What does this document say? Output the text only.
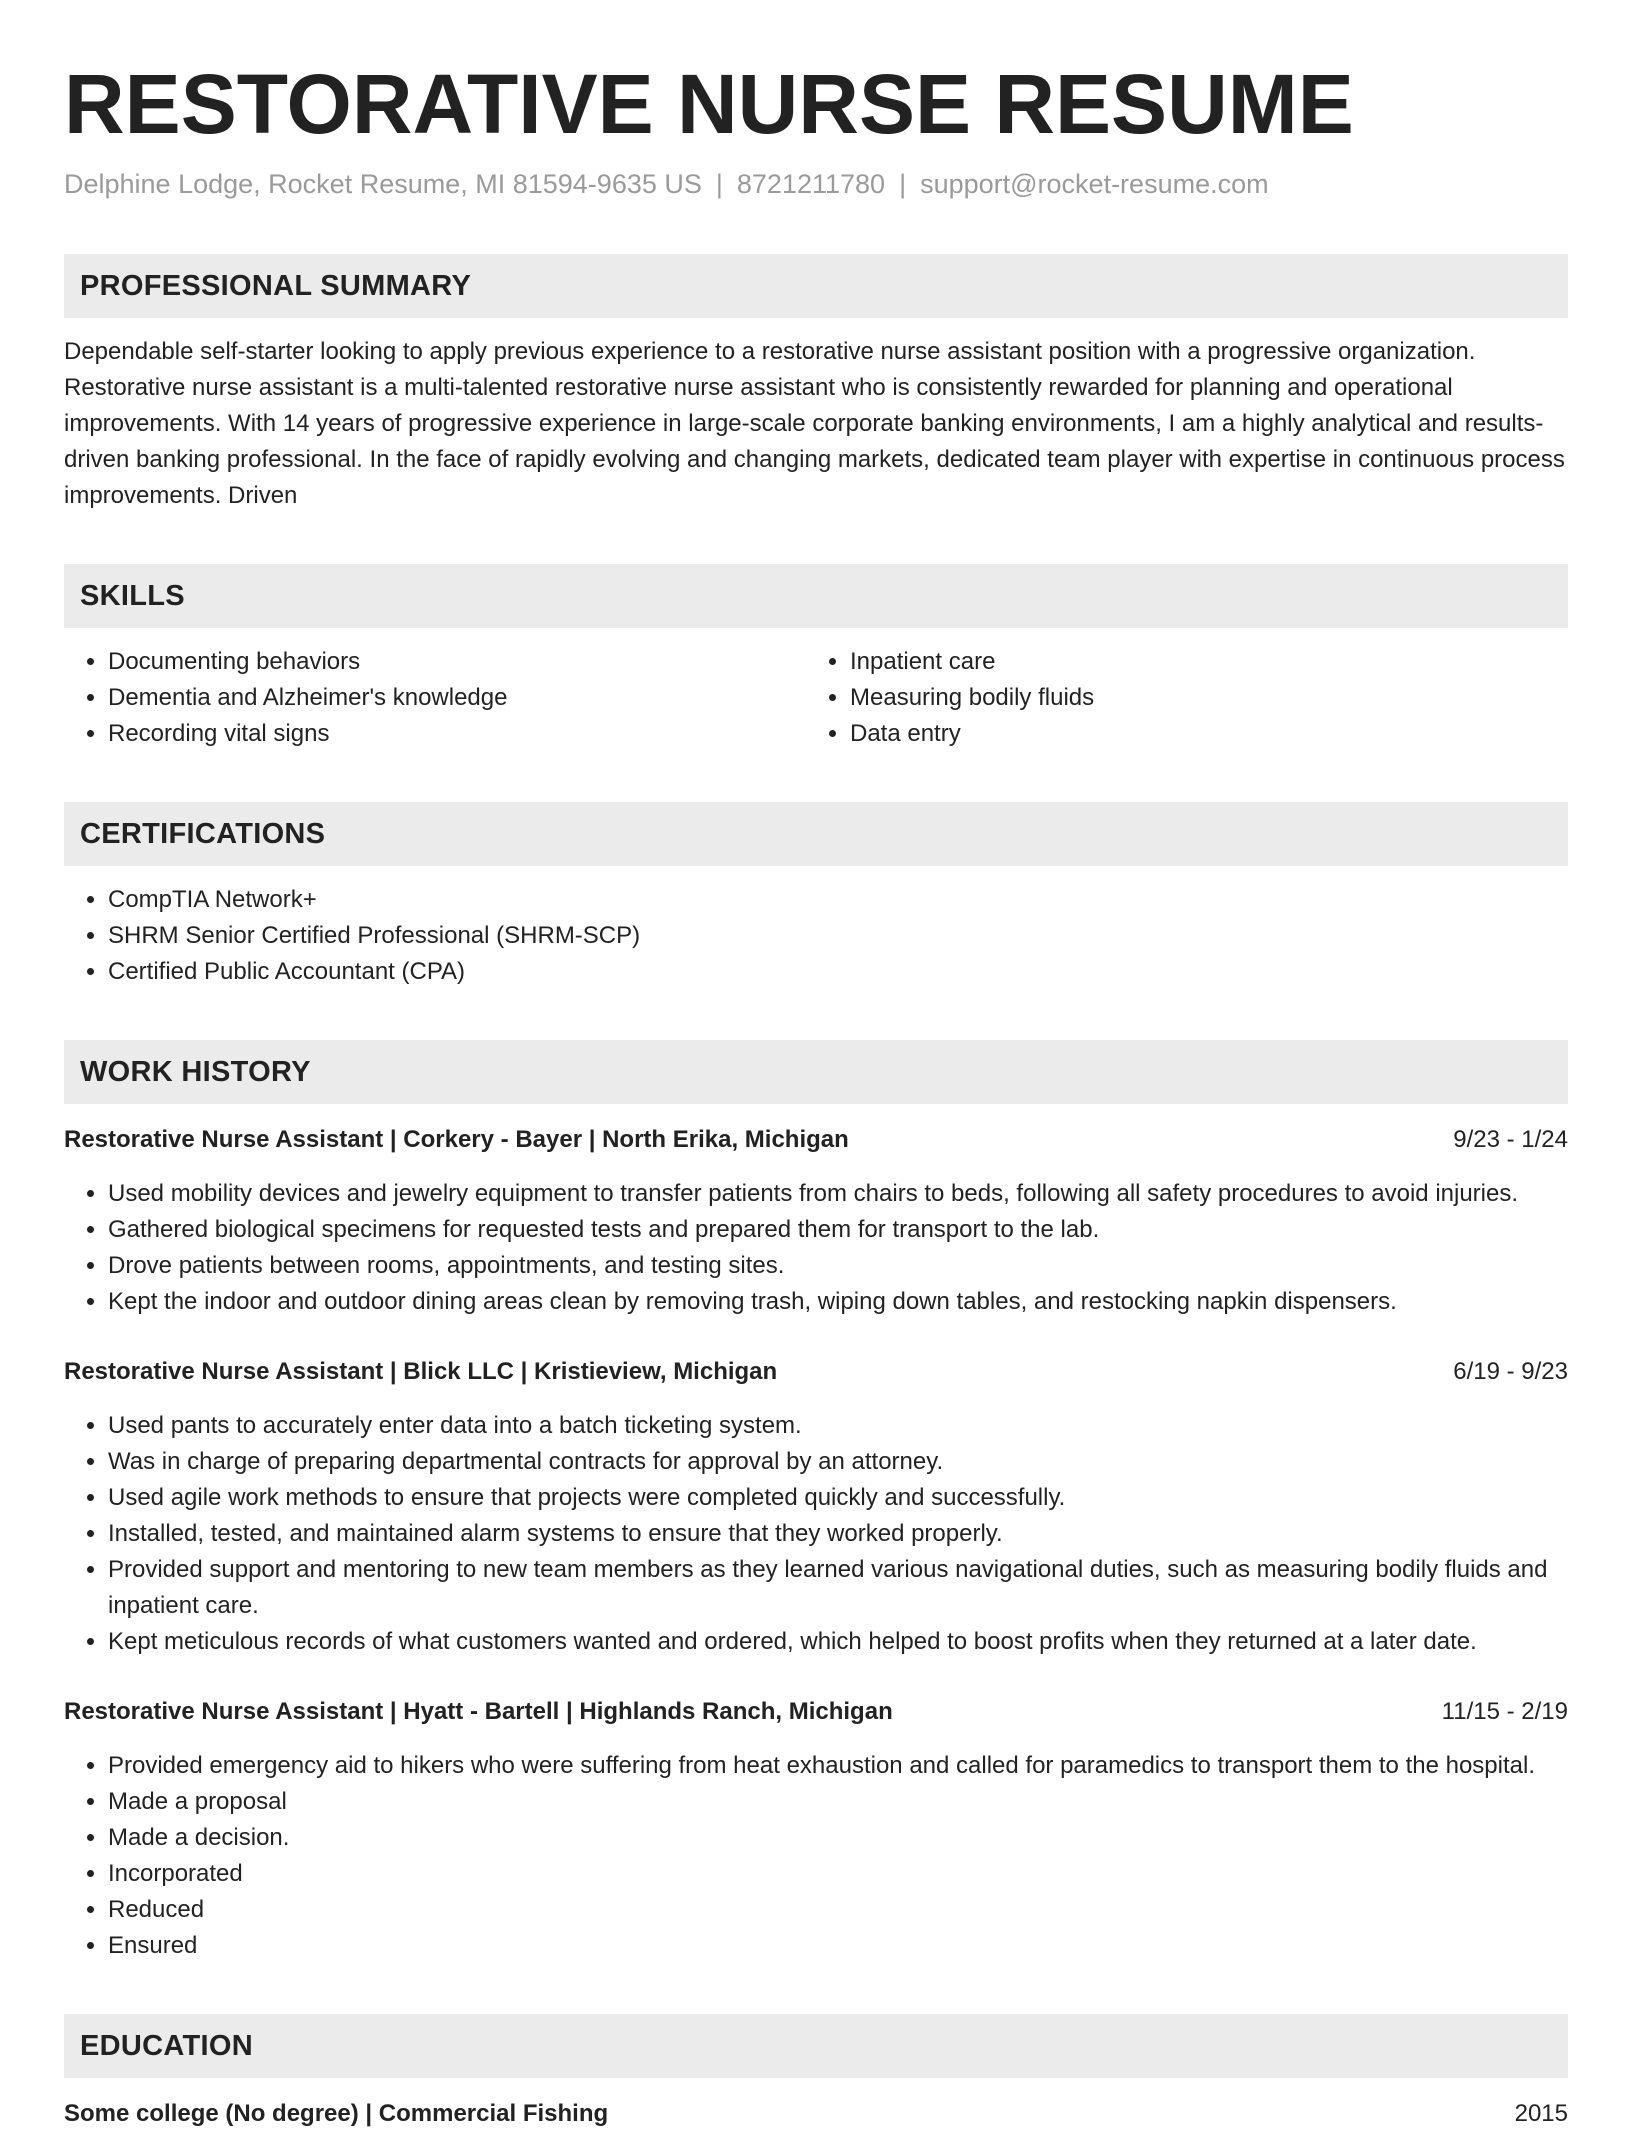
RESTORATIVE NURSE RESUME
Delphine Lodge, Rocket Resume, MI 81594-9635 US | 8721211780 | support@rocket-resume.com
PROFESSIONAL SUMMARY
Dependable self-starter looking to apply previous experience to a restorative nurse assistant position with a progressive organization. Restorative nurse assistant is a multi-talented restorative nurse assistant who is consistently rewarded for planning and operational improvements. With 14 years of progressive experience in large-scale corporate banking environments, I am a highly analytical and results-driven banking professional. In the face of rapidly evolving and changing markets, dedicated team player with expertise in continuous process improvements. Driven
SKILLS
• Documenting behaviors
• Dementia and Alzheimer's knowledge
• Recording vital signs
• Inpatient care
• Measuring bodily fluids
• Data entry
CERTIFICATIONS
• CompTIA Network+
• SHRM Senior Certified Professional (SHRM-SCP)
• Certified Public Accountant (CPA)
WORK HISTORY
Restorative Nurse Assistant | Corkery - Bayer | North Erika, Michigan	9/23 - 1/24
• Used mobility devices and jewelry equipment to transfer patients from chairs to beds, following all safety procedures to avoid injuries.
• Gathered biological specimens for requested tests and prepared them for transport to the lab.
• Drove patients between rooms, appointments, and testing sites.
• Kept the indoor and outdoor dining areas clean by removing trash, wiping down tables, and restocking napkin dispensers.
Restorative Nurse Assistant | Blick LLC | Kristieview, Michigan	6/19 - 9/23
• Used pants to accurately enter data into a batch ticketing system.
• Was in charge of preparing departmental contracts for approval by an attorney.
• Used agile work methods to ensure that projects were completed quickly and successfully.
• Installed, tested, and maintained alarm systems to ensure that they worked properly.
• Provided support and mentoring to new team members as they learned various navigational duties, such as measuring bodily fluids and inpatient care.
• Kept meticulous records of what customers wanted and ordered, which helped to boost profits when they returned at a later date.
Restorative Nurse Assistant | Hyatt - Bartell | Highlands Ranch, Michigan	11/15 - 2/19
• Provided emergency aid to hikers who were suffering from heat exhaustion and called for paramedics to transport them to the hospital.
• Made a proposal
• Made a decision.
• Incorporated
• Reduced
• Ensured
EDUCATION
Some college (No degree) | Commercial Fishing	2015
